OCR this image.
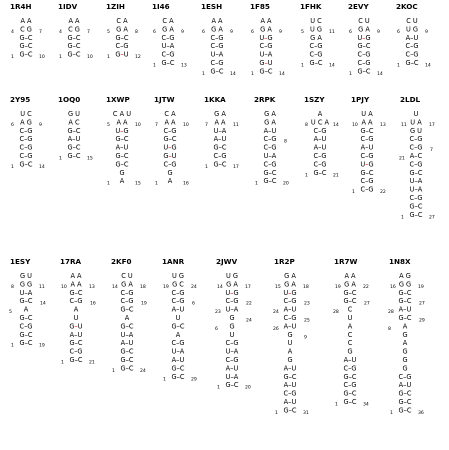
1R4H
A A
C G
G–C
G–C
G–C
1	10
4	7
1IDV
A A
C G
G–C
G–C
G–C
1	10
4	7
1ZIH
C A
G A
G–C
C–G
G–U
1	12
5	8
1I46
C A
G A
C–G
U–A
C–G
G–C
1	13
6	9
1ESH
A A
G A
C–G
C–G
U–A
C–G
G–C
1	14
6	9
1F85
A A
G A
U–G
C–G
U–A
G–U
G–C
1	14
6	9
1FHK
U C
U G
G A
C–G
C–G
G–C
1	14
5	11
2EVY
C U
G A
U–G
G–C
C–G
C–G
G–C
1	14
6	9
2KOC
C U
U G
A–U
C–G
C–G
G–C
1	14
6	9
2Y95
U C
A G
C–G
C–G
C–G
C–G
G–C
1	14
6	9
1OQ0
G U
A C
G–C
A–U
G–C
G–C
1	15
1XWP
C A U
A A
U–G
G–C
A–U
G–C
G–C
G
A
1	15
5	10
1JTW
C A
A A
C–G
G–C
U–G
G–U
C–G
G
A
1	16
7	10
1KKA
G A
A A
U–A
A–U
G–C
C–G
G–C
1	17
7	11
2RPK
G A
G A
A–U
C–G
C–G
U–A
C–G
G–C
G–C
1	20
8
1SZY
A
U C A
C–G
A–U
A–U
C–G
C–G
G–C
1	21
8	14
1PJY
U A
A A
G–C
C–G
A–U
C–G
U–G
G–C
C–G
C–G
1	22
10	13
2LDL
U
U A
G U
C–G
C–G
A–C
C–G
G–C
U–A
U–A
C–G
G–C
G–C
1	27
11	17
7
21
1ESY
G U
G G
U–A
G–C
A
G–C
C–G
G–C
G–C
1	19
8	11
14
5
17RA
A A
A A
G–C
C–G
A
U
G–U
A–U
G–C
C–G
G–C
1	21
10	13
16
2KF0
C U
G A
C–G
C–G
G–C
A
G–C
U–A
A–U
G–C
G–C
G–C
1	24
14	18
19
1ANR
U G
G C
C–G
C–G
A–U
U
G–C
A
C–G
U–A
A–U
G–C
G–C
1	29
19	24
6
2JWV
U G
G A
U–G
C–G
U–A
G
G
U
C–G
U–A
C–G
A–U
U–A
G–C
1	20
14	17
22
23
24
6
1R2P
G A
G A
U–G
C–G
A–U
C–G
A–U
G
U
A
G
A–U
G–C
A–U
C–G
A–U
G–C
1	31
15	18
23
24
25
26
9
1R7W
A A
G A
G–C
G–C
C
U
A
C
C
G
A–U
C–G
G–C
C–G
G–C
G–C
1	34
19	22
27
28
1N8X
A G
G G
G–C
G–C
A–U
G–C
A
G
A
G
G
G
C–G
A–U
G–C
G–C
G–C
1	36
16	19
27
28
29
8
